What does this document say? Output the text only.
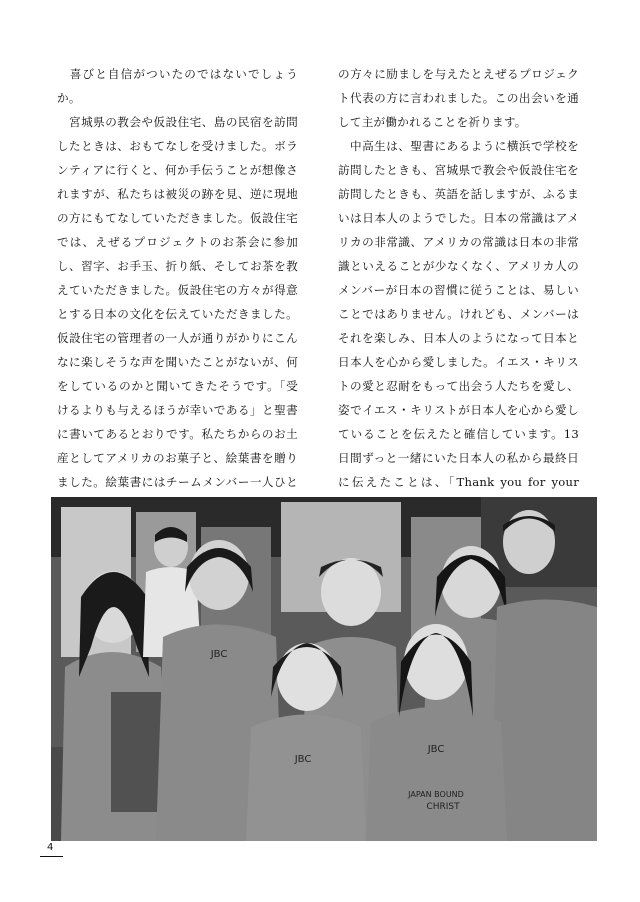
　喜びと自信がついたのではないでしょうか。

　宮城県の教会や仮設住宅、島の民宿を訪問したときは、おもてなしを受けました。ボランティアに行くと、何か手伝うことが想像されますが、私たちは被災の跡を見、逆に現地の方にもてなしていただきました。仮設住宅では、えぜるプロジェクトのお茶会に参加し、習字、お手玉、折り紙、そしてお茶を教えていただきました。仮設住宅の方々が得意とする日本の文化を伝えていただきました。仮設住宅の管理者の一人が通りがかりにこんなに楽しそうな声を聞いたことがないが、何をしているのかと聞いてきたそうです。「受けるよりも与えるほうが幸いである」と聖書に書いてあるとおりです。私たちからのお土産としてアメリカのお菓子と、絵葉書を贈りました。絵葉書にはチームメンバー一人ひと

の方々に励ましを与えたとえぜるプロジェクト代表の方に言われました。この出会いを通して主が働かれることを祈ります。

　中高生は、聖書にあるように横浜で学校を訪問したときも、宮城県で教会や仮設住宅を訪問したときも、英語を話しますが、ふるまいは日本人のようでした。日本の常識はアメリカの非常識、アメリカの常識は日本の非常識といえることが少なくなく、アメリカ人のメンバーが日本の習慣に従うことは、易しいことではありません。けれども、メンバーはそれを楽しみ、日本人のようになって日本と日本人を心から愛しました。イエス・キリストの愛と忍耐をもって出会う人たちを愛し、姿でイエス・キリストが日本人を心から愛していることを伝えたと確信しています。13 日間ずっと一緒にいた日本人の私から最終日に伝えたことは、「Thank you for your

JBC
JBC
JBC
JAPAN BOUND
CHRIST
4
